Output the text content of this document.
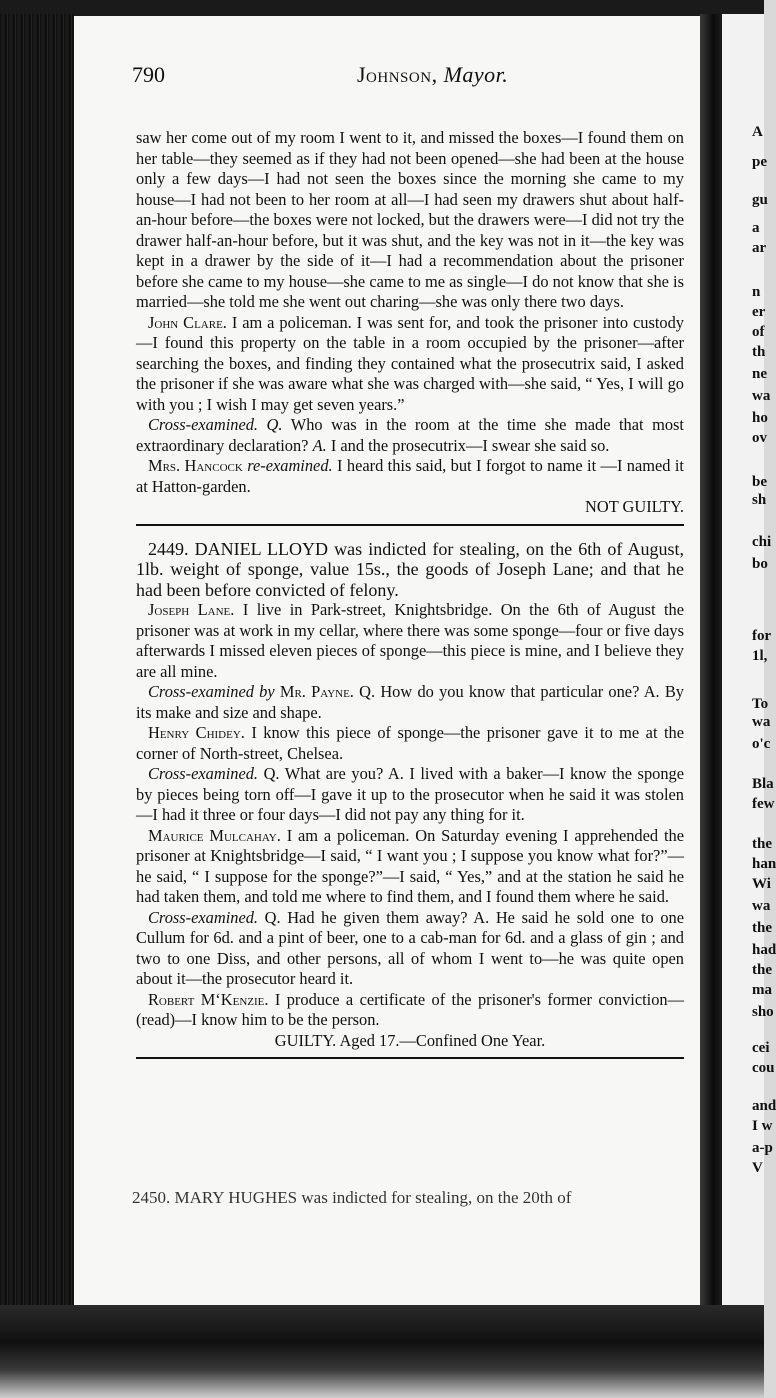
790	Johnson, Mayor.

saw her come out of my room I went to it, and missed the boxes—I found them on her table—they seemed as if they had not been opened—she had been at the house only a few days—I had not seen the boxes since the morning she came to my house—I had not been to her room at all—I had seen my drawers shut about half-an-hour before—the boxes were not locked, but the drawers were—I did not try the drawer half-an-hour before, but it was shut, and the key was not in it—the key was kept in a drawer by the side of it—I had a recommendation about the prisoner before she came to my house—she came to me as single—I do not know that she is married—she told me she went out charing—she was only there two days.

John Clare. I am a policeman. I was sent for, and took the prisoner into custody—I found this property on the table in a room occupied by the prisoner—after searching the boxes, and finding they contained what the prosecutrix said, I asked the prisoner if she was aware what she was charged with—she said, “ Yes, I will go with you ; I wish I may get seven years.”

Cross-examined. Q. Who was in the room at the time she made that most extraordinary declaration? A. I and the prosecutrix—I swear she said so.

Mrs. Hancock re-examined. I heard this said, but I forgot to name it —I named it at Hatton-garden.

NOT GUILTY.

2449. DANIEL LLOYD was indicted for stealing, on the 6th of August, 1lb. weight of sponge, value 15s., the goods of Joseph Lane; and that he had been before convicted of felony.

Joseph Lane. I live in Park-street, Knightsbridge. On the 6th of August the prisoner was at work in my cellar, where there was some sponge—four or five days afterwards I missed eleven pieces of sponge—this piece is mine, and I believe they are all mine.

Cross-examined by Mr. Payne. Q. How do you know that particular one? A. By its make and size and shape.

Henry Chidey. I know this piece of sponge—the prisoner gave it to me at the corner of North-street, Chelsea.

Cross-examined. Q. What are you? A. I lived with a baker—I know the sponge by pieces being torn off—I gave it up to the prosecutor when he said it was stolen—I had it three or four days—I did not pay any thing for it.

Maurice Mulcahay. I am a policeman. On Saturday evening I apprehended the prisoner at Knightsbridge—I said, “ I want you ; I suppose you know what for?”—he said, “ I suppose for the sponge?”—I said, “ Yes,” and at the station he said he had taken them, and told me where to find them, and I found them where he said.

Cross-examined. Q. Had he given them away? A. He said he sold one to one Cullum for 6d. and a pint of beer, one to a cab-man for 6d. and a glass of gin ; and two to one Diss, and other persons, all of whom I went to—he was quite open about it—the prosecutor heard it.

Robert M‘Kenzie. I produce a certificate of the prisoner's former conviction—(read)—I know him to be the person.

GUILTY. Aged 17.—Confined One Year.

2450. MARY HUGHES was indicted for stealing, on the 20th of
A
pe
gu
a
ar
n
er
of
th
ne
wa
ho
ov
be
sh
chi
bo
for
1l,
To
wa
o'c
Bla
few
the
han
Wi
wa
the
had
the
ma
sho
cei
cou
and
I w
a-p
V
